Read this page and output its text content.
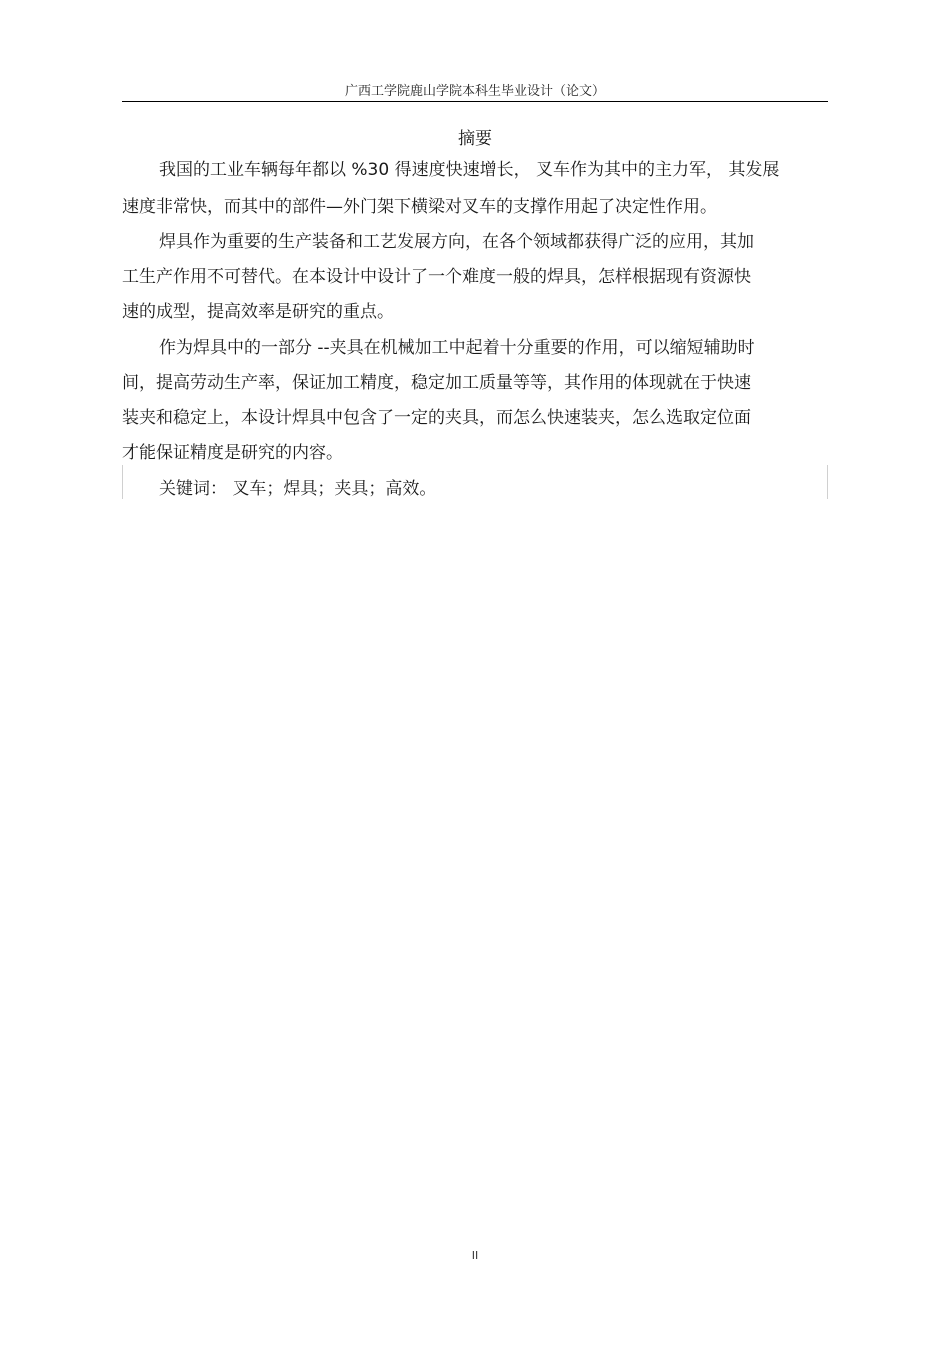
广西工学院鹿山学院本科生毕业设计（论文）
摘要
我国的工业车辆每年都以 %30 得速度快速增长， 叉车作为其中的主力军， 其发展
速度非常快，而其中的部件—外门架下横梁对叉车的支撑作用起了决定性作用。
焊具作为重要的生产装备和工艺发展方向，在各个领域都获得广泛的应用，其加
工生产作用不可替代。在本设计中设计了一个难度一般的焊具，怎样根据现有资源快
速的成型，提高效率是研究的重点。
作为焊具中的一部分 --夹具在机械加工中起着十分重要的作用，可以缩短辅助时
间，提高劳动生产率，保证加工精度，稳定加工质量等等，其作用的体现就在于快速
装夹和稳定上，本设计焊具中包含了一定的夹具，而怎么快速装夹，怎么选取定位面
才能保证精度是研究的内容。
关键词： 叉车；焊具；夹具；高效。
II
